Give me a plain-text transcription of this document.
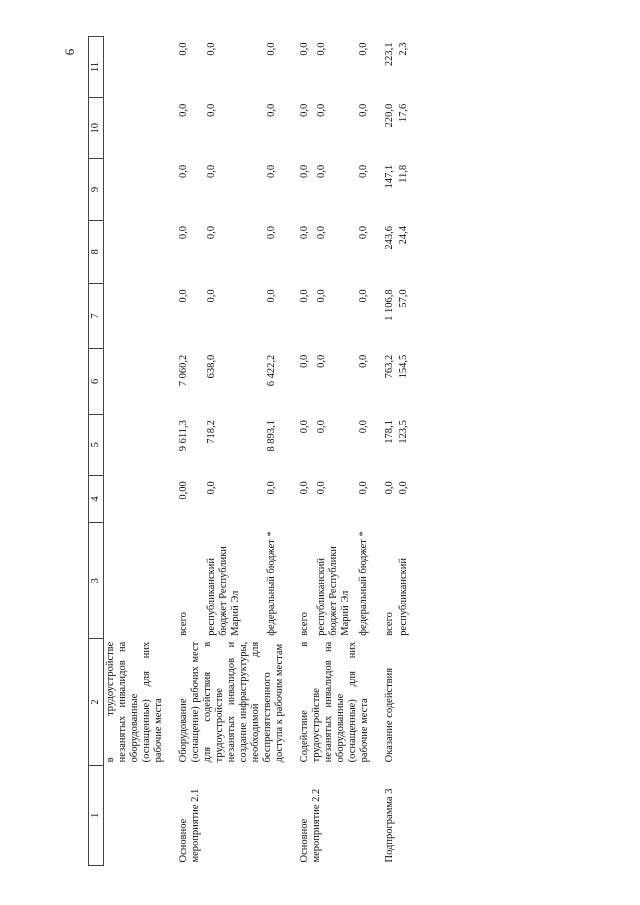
6
1	2	3	4	5	6	7	8	9	10	11
	в трудоустройстве незанятых инвалидов на оборудованные (оснащенные) для них рабочие места									
Основное мероприятие 2.1	Оборудование (оснащение) рабочих мест для содействия в трудоустройстве незанятых инвалидов и создание инфраструктуры, необходимой для беспрепятственного доступа к рабочим местам	всего	0,00	9 611,3	7 060,2	0,0	0,0	0,0	0,0	0,0
		республиканский бюджет Республики Марий Эл	0,0	718,2	638,0	0,0	0,0	0,0	0,0	0,0
		федеральный бюджет *	0,0	8 893,1	6 422,2	0,0	0,0	0,0	0,0	0,0
Основное мероприятие 2.2	Содействие в трудоустройстве незанятых инвалидов на оборудованные (оснащенные) для них рабочие места	всего	0,0	0,0	0,0	0,0	0,0	0,0	0,0	0,0
		республиканский бюджет Республики Марий Эл	0,0	0,0	0,0	0,0	0,0	0,0	0,0	0,0
		федеральный бюджет *	0,0	0,0	0,0	0,0	0,0	0,0	0,0	0,0
Подпрограмма 3	Оказание содействия	всего	0,0	178,1	763,2	1 106,8	243,6	147,1	220,0	223,1
		республиканский	0,0	123,5	154,5	57,0	24,4	11,8	17,6	2,3
